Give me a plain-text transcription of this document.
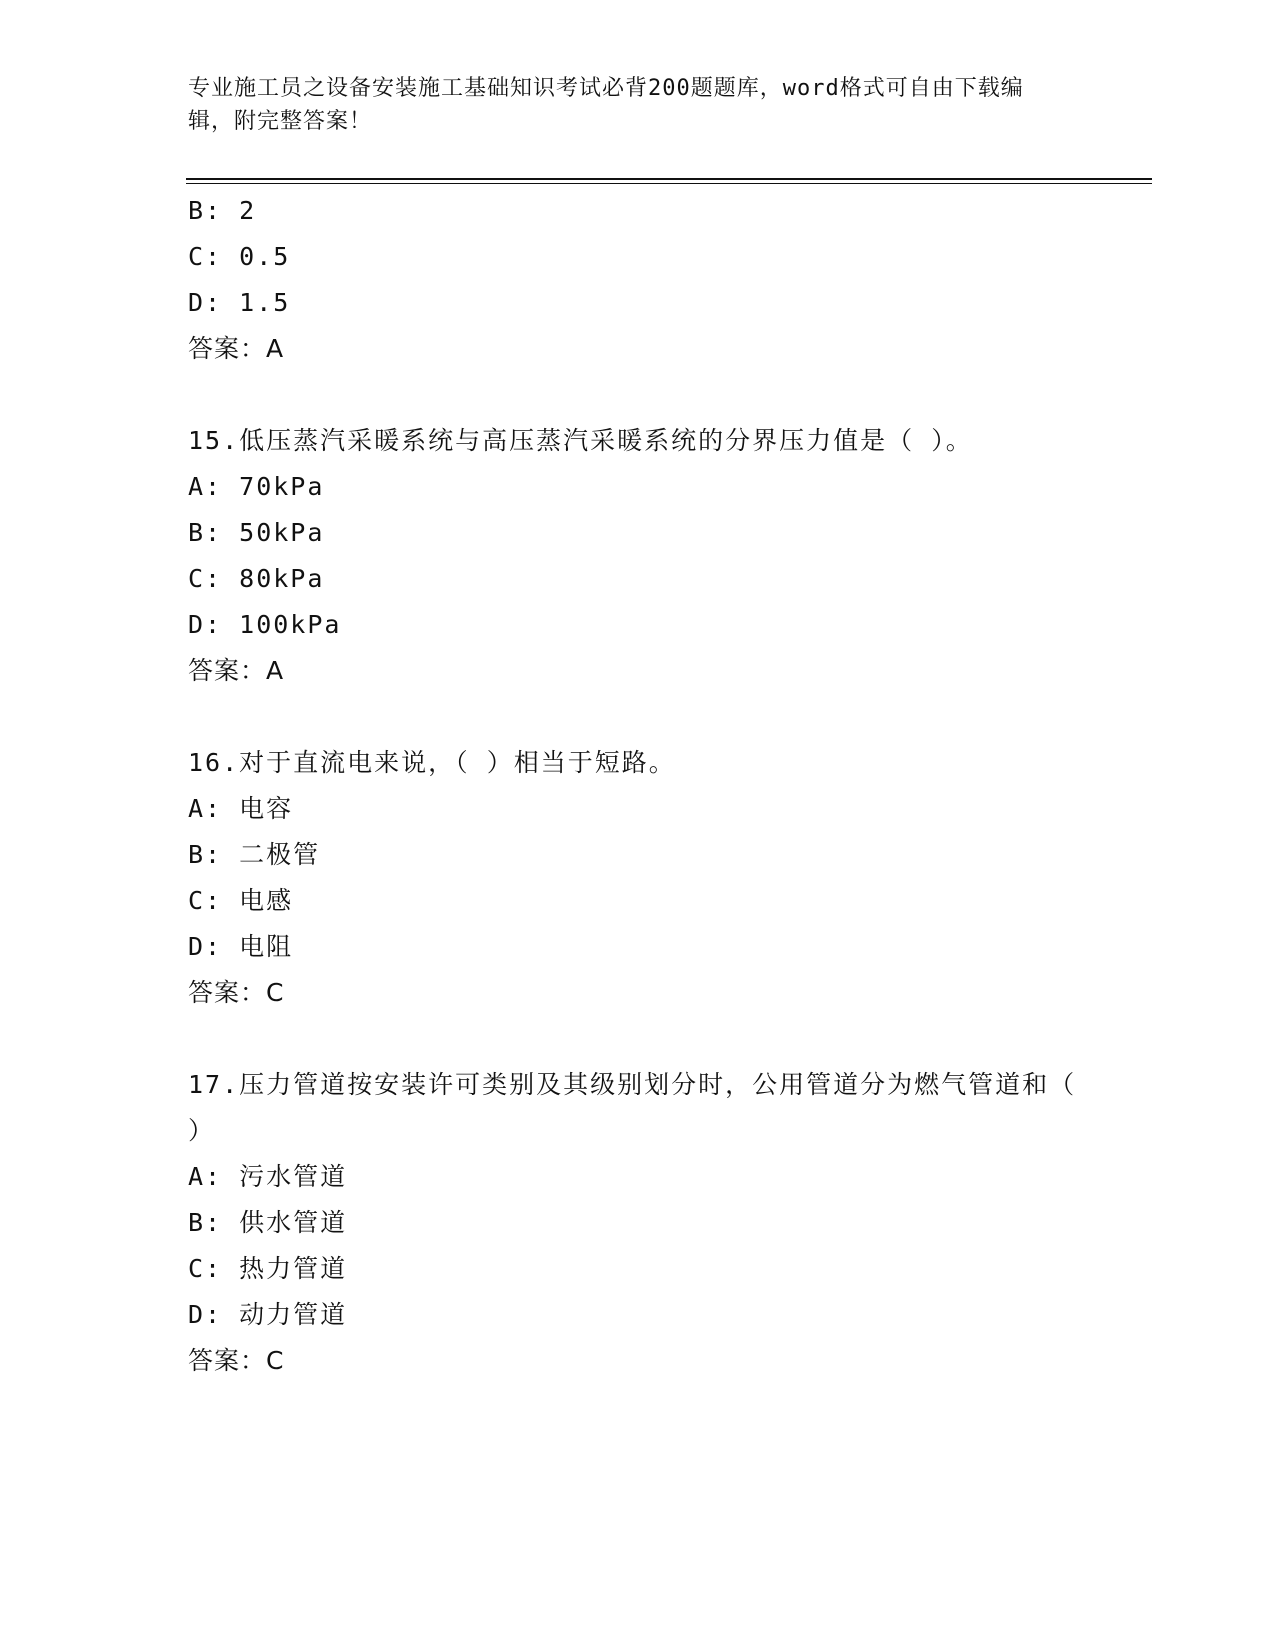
专业施工员之设备安装施工基础知识考试必背200题题库，word格式可自由下载编辑，附完整答案！
B: 2
C: 0.5
D: 1.5
答案：A
15.低压蒸汽采暖系统与高压蒸汽采暖系统的分界压力值是（ ）。
A: 70kPa
B: 50kPa
C: 80kPa
D: 100kPa
答案：A
16.对于直流电来说，（ ）相当于短路。
A: 电容
B: 二极管
C: 电感
D: 电阻
答案：C
17.压力管道按安装许可类别及其级别划分时，公用管道分为燃气管道和（ ）
A: 污水管道
B: 供水管道
C: 热力管道
D: 动力管道
答案：C
